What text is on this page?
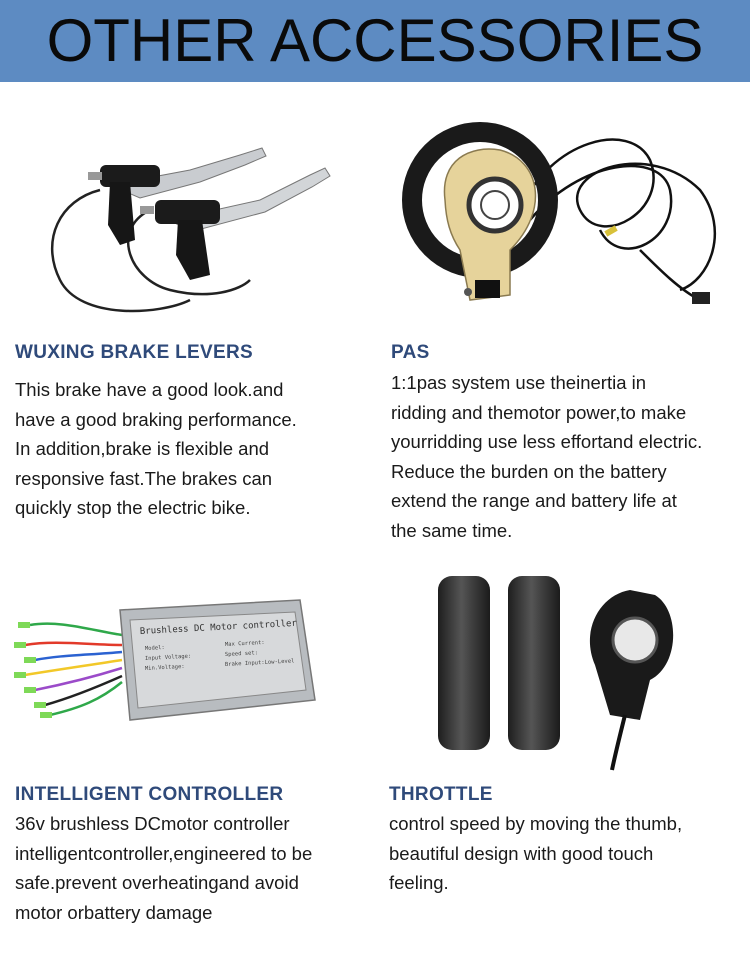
OTHER ACCESSORIES
WUXING BRAKE LEVERS
This brake have a good look.and
have a good braking performance.
In addition,brake is flexible and
responsive fast.The brakes can
quickly stop the electric bike.
PAS
1:1pas system use theinertia in
ridding and themotor power,to make
yourridding use less effortand electric.
Reduce the burden on the battery
extend the range and battery life at
the same time.
Brushless DC Motor controller
Model:
Input Voltage:
Min.Voltage:
Max Current:
Speed set:
Brake Input:Low-Level
INTELLIGENT CONTROLLER
36v brushless DCmotor controller
intelligentcontroller,engineered to be
safe.prevent overheatingand avoid
motor orbattery damage
THROTTLE
control speed by moving the thumb,
beautiful design with good touch
feeling.
